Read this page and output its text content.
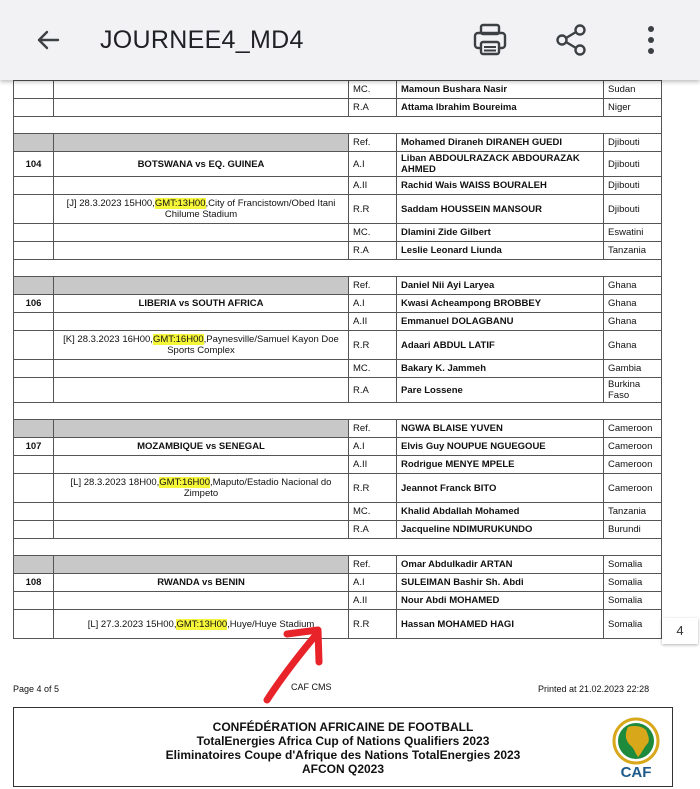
JOURNEE4_MD4
		MC.	Mamoun Bushara Nasir	Sudan
		R.A	Attama Ibrahim Boureima	Niger

		Ref.	Mohamed Diraneh DIRANEH GUEDI	Djibouti
104	BOTSWANA vs EQ. GUINEA	A.I	Liban ABDOULRAZACK ABDOURAZAK AHMED	Djibouti
		A.II	Rachid Wais WAISS BOURALEH	Djibouti
	[J] 28.3.2023 15H00,GMT:13H00,City of Francistown/Obed Itani Chilume Stadium	R.R	Saddam HOUSSEIN MANSOUR	Djibouti
		MC.	Dlamini Zide Gilbert	Eswatini
		R.A	Leslie Leonard Liunda	Tanzania

		Ref.	Daniel Nii Ayi Laryea	Ghana
106	LIBERIA vs SOUTH AFRICA	A.I	Kwasi Acheampong BROBBEY	Ghana
		A.II	Emmanuel DOLAGBANU	Ghana
	[K] 28.3.2023 16H00,GMT:16H00,Paynesville/Samuel Kayon Doe Sports Complex	R.R	Adaari ABDUL LATIF	Ghana
		MC.	Bakary K. Jammeh	Gambia
		R.A	Pare Lossene	Burkina Faso

		Ref.	NGWA BLAISE YUVEN	Cameroon
107	MOZAMBIQUE vs SENEGAL	A.I	Elvis Guy NOUPUE NGUEGOUE	Cameroon
		A.II	Rodrigue MENYE MPELE	Cameroon
	[L] 28.3.2023 18H00,GMT:16H00,Maputo/Estadio Nacional do Zimpeto	R.R	Jeannot Franck BITO	Cameroon
		MC.	Khalid Abdallah Mohamed	Tanzania
		R.A	Jacqueline NDIMURUKUNDO	Burundi

		Ref.	Omar Abdulkadir ARTAN	Somalia
108	RWANDA vs BENIN	A.I	SULEIMAN Bashir Sh. Abdi	Somalia
		A.II	Nour Abdi MOHAMED	Somalia
	[L] 27.3.2023 15H00,GMT:13H00,Huye/Huye Stadium	R.R	Hassan MOHAMED HAGI	Somalia	4
Page 4 of 5	CAF CMS	Printed at 21.02.2023 22:28
CONFÉDÉRATION AFRICAINE DE FOOTBALL
TotalEnergies Africa Cup of Nations Qualifiers 2023
Eliminatoires Coupe d'Afrique des Nations TotalEnergies 2023
AFCON Q2023	CAF
